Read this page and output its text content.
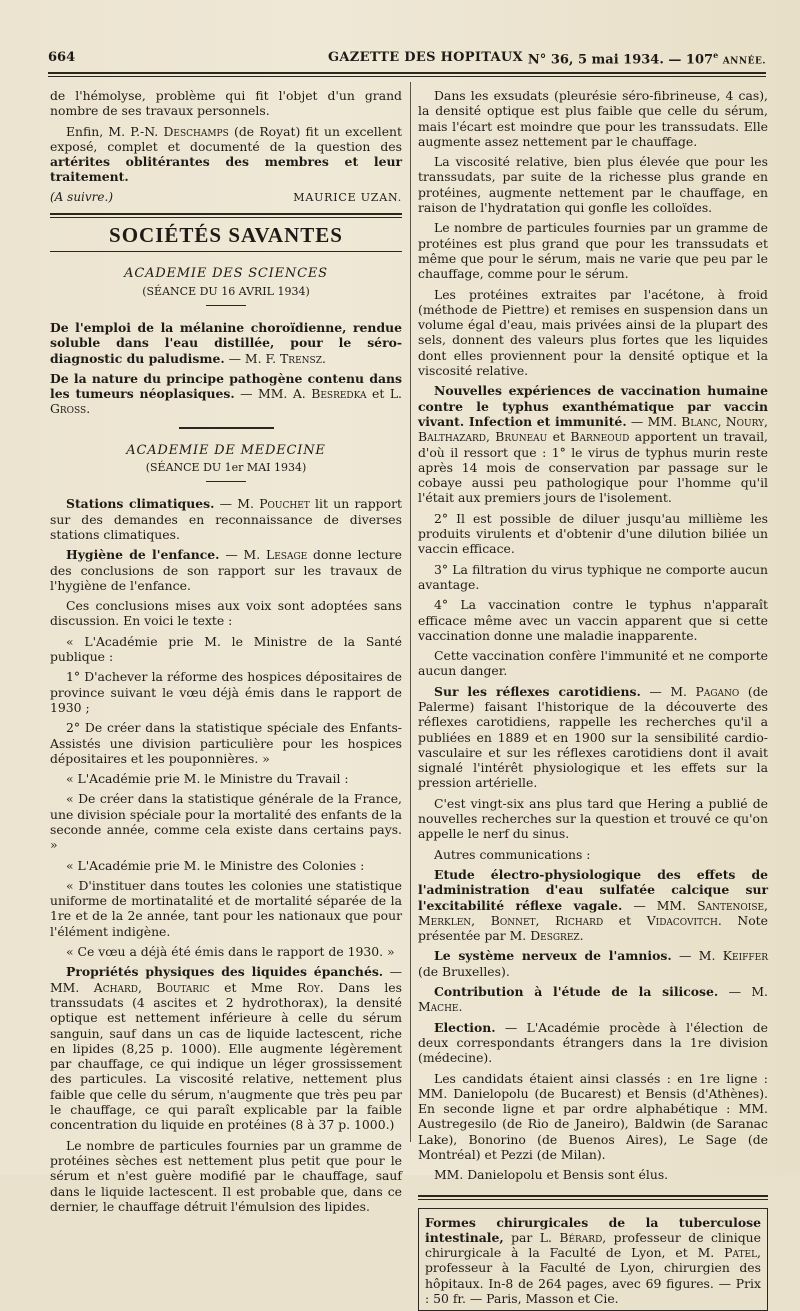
664	GAZETTE DES HOPITAUX N° 36, 5 mai 1934. — 107e ANNÉE.

de l'hémolyse, problème qui fit l'objet d'un grand nombre de ses travaux personnels.

Enfin, M. P.-N. Deschamps (de Royat) fit un excellent exposé, complet et documenté de la question des artérites oblitérantes des membres et leur traitement.

(A suivre.)	MAURICE UZAN.
SOCIÉTÉS SAVANTES
ACADEMIE DES SCIENCES
(SÉANCE DU 16 AVRIL 1934)

De l'emploi de la mélanine choroïdienne, rendue soluble dans l'eau distillée, pour le séro-diagnostic du paludisme. — M. F. Trensz.

De la nature du principe pathogène contenu dans les tumeurs néoplasiques. — MM. A. Besredka et L. Gross.

ACADEMIE DE MEDECINE
(SÉANCE DU 1er MAI 1934)

Stations climatiques. — M. Pouchet lit un rapport sur des demandes en reconnaissance de diverses stations climatiques.

Hygiène de l'enfance. — M. Lesage donne lecture des conclusions de son rapport sur les travaux de l'hygiène de l'enfance.

Ces conclusions mises aux voix sont adoptées sans discussion. En voici le texte :

« L'Académie prie M. le Ministre de la Santé publique :

1° D'achever la réforme des hospices dépositaires de province suivant le vœu déjà émis dans le rapport de 1930 ;

2° De créer dans la statistique spéciale des Enfants-Assistés une division particulière pour les hospices dépositaires et les pouponnières. »

« L'Académie prie M. le Ministre du Travail :

« De créer dans la statistique générale de la France, une division spéciale pour la mortalité des enfants de la seconde année, comme cela existe dans certains pays. »

« L'Académie prie M. le Ministre des Colonies :

« D'instituer dans toutes les colonies une statistique uniforme de mortinatalité et de mortalité séparée de la 1re et de la 2e année, tant pour les nationaux que pour l'élément indigène.

« Ce vœu a déjà été émis dans le rapport de 1930. »

Propriétés physiques des liquides épanchés. — MM. Achard, Boutaric et Mme Roy. Dans les transsudats (4 ascites et 2 hydrothorax), la densité optique est nettement inférieure à celle du sérum sanguin, sauf dans un cas de liquide lactescent, riche en lipides (8,25 p. 1000). Elle augmente légèrement par chauffage, ce qui indique un léger grossissement des particules. La viscosité relative, nettement plus faible que celle du sérum, n'augmente que très peu par le chauffage, ce qui paraît explicable par la faible concentration du liquide en protéines (8 à 37 p. 1000.)

Le nombre de particules fournies par un gramme de protéines sèches est nettement plus petit que pour le sérum et n'est guère modifié par le chauffage, sauf dans le liquide lactescent. Il est probable que, dans ce dernier, le chauffage détruit l'émulsion des lipides.

Dans les exsudats (pleurésie séro-fibrineuse, 4 cas), la densité optique est plus faible que celle du sérum, mais l'écart est moindre que pour les transsudats. Elle augmente assez nettement par le chauffage.

La viscosité relative, bien plus élevée que pour les transsudats, par suite de la richesse plus grande en protéines, augmente nettement par le chauffage, en raison de l'hydratation qui gonfle les colloïdes.

Le nombre de particules fournies par un gramme de protéines est plus grand que pour les transsudats et même que pour le sérum, mais ne varie que peu par le chauffage, comme pour le sérum.

Les protéines extraites par l'acétone, à froid (méthode de Piettre) et remises en suspension dans un volume égal d'eau, mais privées ainsi de la plupart des sels, donnent des valeurs plus fortes que les liquides dont elles proviennent pour la densité optique et la viscosité relative.

Nouvelles expériences de vaccination humaine contre le typhus exanthématique par vaccin vivant. Infection et immunité. — MM. Blanc, Noury, Balthazard, Bruneau et Barneoud apportent un travail, d'où il ressort que : 1° le virus de typhus murin reste après 14 mois de conservation par passage sur le cobaye aussi peu pathologique pour l'homme qu'il l'était aux premiers jours de l'isolement.

2° Il est possible de diluer jusqu'au millième les produits virulents et d'obtenir d'une dilution biliée un vaccin efficace.

3° La filtration du virus typhique ne comporte aucun avantage.

4° La vaccination contre le typhus n'apparaît efficace même avec un vaccin apparent que si cette vaccination donne une maladie inapparente.

Cette vaccination confère l'immunité et ne comporte aucun danger.

Sur les réflexes carotidiens. — M. Pagano (de Palerme) faisant l'historique de la découverte des réflexes carotidiens, rappelle les recherches qu'il a publiées en 1889 et en 1900 sur la sensibilité cardio-vasculaire et sur les réflexes carotidiens dont il avait signalé l'intérêt physiologique et les effets sur la pression artérielle.

C'est vingt-six ans plus tard que Hering a publié de nouvelles recherches sur la question et trouvé ce qu'on appelle le nerf du sinus.

Autres communications :

Etude électro-physiologique des effets de l'administration d'eau sulfatée calcique sur l'excitabilité réflexe vagale. — MM. Santenoise, Merklen, Bonnet, Richard et Vidacovitch. Note présentée par M. Desgrez.

Le système nerveux de l'amnios. — M. Keiffer (de Bruxelles).

Contribution à l'étude de la silicose. — M. Mache.

Election. — L'Académie procède à l'élection de deux correspondants étrangers dans la 1re division (médecine).

Les candidats étaient ainsi classés : en 1re ligne : MM. Danielopolu (de Bucarest) et Bensis (d'Athènes). En seconde ligne et par ordre alphabétique : MM. Austregesilo (de Rio de Janeiro), Baldwin (de Saranac Lake), Bonorino (de Buenos Aires), Le Sage (de Montréal) et Pezzi (de Milan).

MM. Danielopolu et Bensis sont élus.

Formes chirurgicales de la tuberculose intestinale, par L. Bérard, professeur de clinique chirurgicale à la Faculté de Lyon, et M. Patel, professeur à la Faculté de Lyon, chirurgien des hôpitaux. In-8 de 264 pages, avec 69 figures. — Prix : 50 fr. — Paris, Masson et Cie.
